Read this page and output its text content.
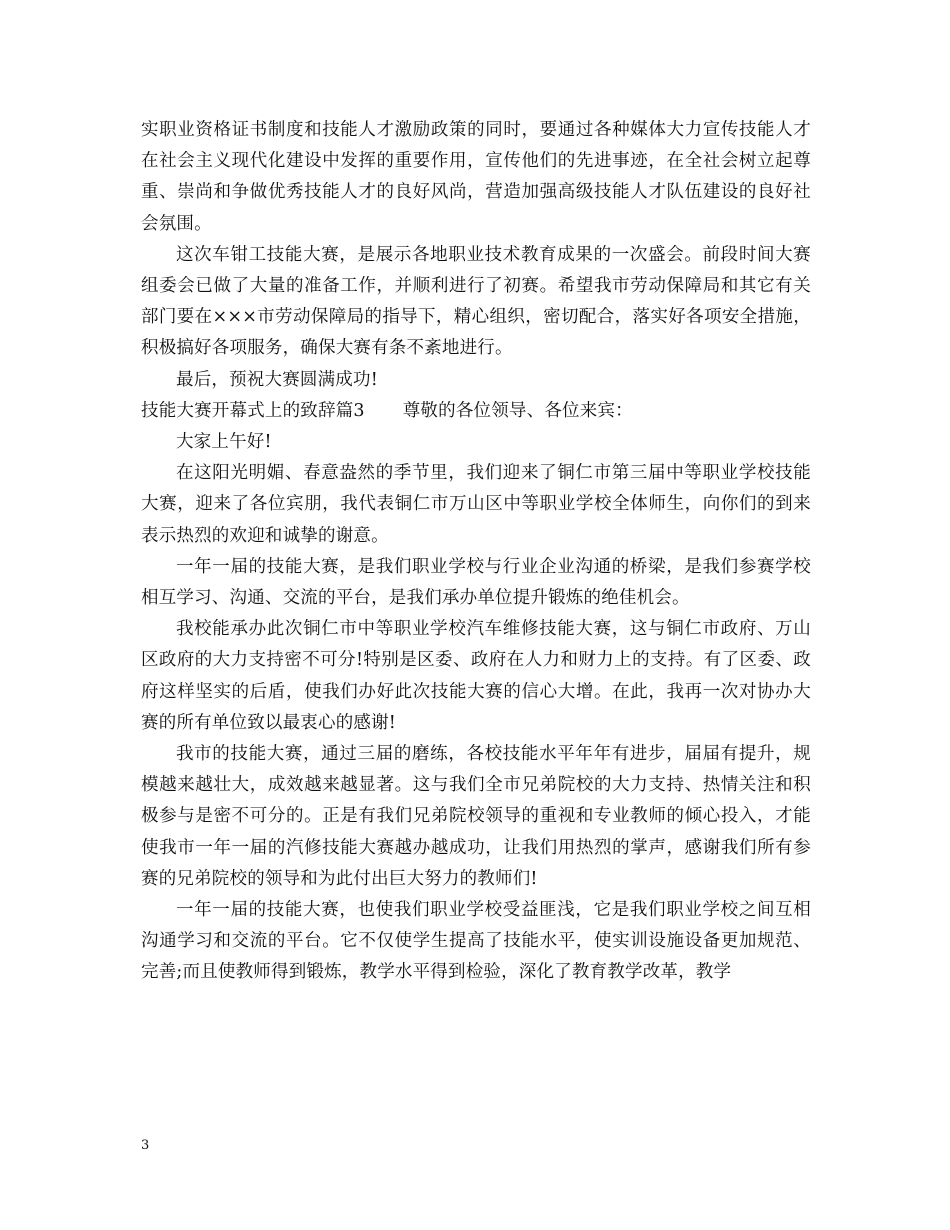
实职业资格证书制度和技能人才激励政策的同时，要通过各种媒体大力宣传技能人才在社会主义现代化建设中发挥的重要作用，宣传他们的先进事迹，在全社会树立起尊重、崇尚和争做优秀技能人才的良好风尚，营造加强高级技能人才队伍建设的良好社会氛围。

这次车钳工技能大赛，是展示各地职业技术教育成果的一次盛会。前段时间大赛组委会已做了大量的准备工作，并顺利进行了初赛。希望我市劳动保障局和其它有关部门要在×××市劳动保障局的指导下，精心组织，密切配合，落实好各项安全措施，积极搞好各项服务，确保大赛有条不紊地进行。

最后，预祝大赛圆满成功!

技能大赛开幕式上的致辞篇3 尊敬的各位领导、各位来宾：

大家上午好!

在这阳光明媚、春意盎然的季节里，我们迎来了铜仁市第三届中等职业学校技能大赛，迎来了各位宾朋，我代表铜仁市万山区中等职业学校全体师生，向你们的到来表示热烈的欢迎和诚挚的谢意。

一年一届的技能大赛，是我们职业学校与行业企业沟通的桥梁，是我们参赛学校相互学习、沟通、交流的平台，是我们承办单位提升锻炼的绝佳机会。

我校能承办此次铜仁市中等职业学校汽车维修技能大赛，这与铜仁市政府、万山区政府的大力支持密不可分!特别是区委、政府在人力和财力上的支持。有了区委、政府这样坚实的后盾，使我们办好此次技能大赛的信心大增。在此，我再一次对协办大赛的所有单位致以最衷心的感谢!

我市的技能大赛，通过三届的磨练，各校技能水平年年有进步，届届有提升，规模越来越壮大，成效越来越显著。这与我们全市兄弟院校的大力支持、热情关注和积极参与是密不可分的。正是有我们兄弟院校领导的重视和专业教师的倾心投入，才能使我市一年一届的汽修技能大赛越办越成功，让我们用热烈的掌声，感谢我们所有参赛的兄弟院校的领导和为此付出巨大努力的教师们!

一年一届的技能大赛，也使我们职业学校受益匪浅，它是我们职业学校之间互相沟通学习和交流的平台。它不仅使学生提高了技能水平，使实训设施设备更加规范、完善;而且使教师得到锻炼，教学水平得到检验，深化了教育教学改革，教学

3
